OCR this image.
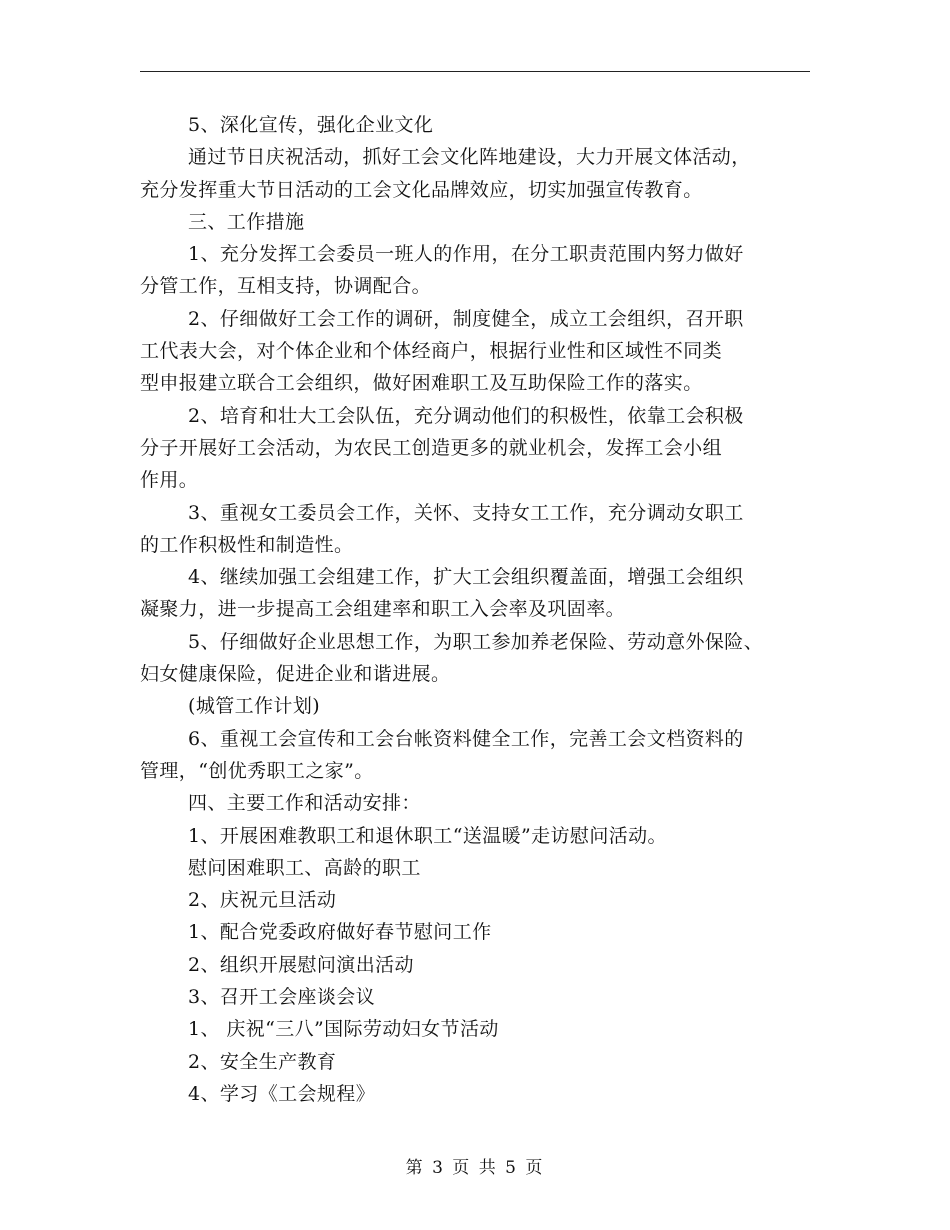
5、深化宣传，强化企业文化

通过节日庆祝活动，抓好工会文化阵地建设，大力开展文体活动，

充分发挥重大节日活动的工会文化品牌效应，切实加强宣传教育。

三、工作措施

1、充分发挥工会委员一班人的作用，在分工职责范围内努力做好

分管工作，互相支持，协调配合。

2、仔细做好工会工作的调研，制度健全，成立工会组织，召开职

工代表大会，对个体企业和个体经商户，根据行业性和区域性不同类

型申报建立联合工会组织，做好困难职工及互助保险工作的落实。

2、培育和壮大工会队伍，充分调动他们的积极性，依靠工会积极

分子开展好工会活动，为农民工创造更多的就业机会，发挥工会小组

作用。

3、重视女工委员会工作，关怀、支持女工工作，充分调动女职工

的工作积极性和制造性。

4、继续加强工会组建工作，扩大工会组织覆盖面，增强工会组织

凝聚力，进一步提高工会组建率和职工入会率及巩固率。

5、仔细做好企业思想工作，为职工参加养老保险、劳动意外保险、

妇女健康保险，促进企业和谐进展。

(城管工作计划)

6、重视工会宣传和工会台帐资料健全工作，完善工会文档资料的

管理，“创优秀职工之家”。

四、主要工作和活动安排：

1、开展困难教职工和退休职工“送温暖”走访慰问活动。

慰问困难职工、高龄的职工

2、庆祝元旦活动

1、配合党委政府做好春节慰问工作

2、组织开展慰问演出活动

3、召开工会座谈会议

1、 庆祝“三八”国际劳动妇女节活动

2、安全生产教育

4、学习《工会规程》

第 3 页 共 5 页
